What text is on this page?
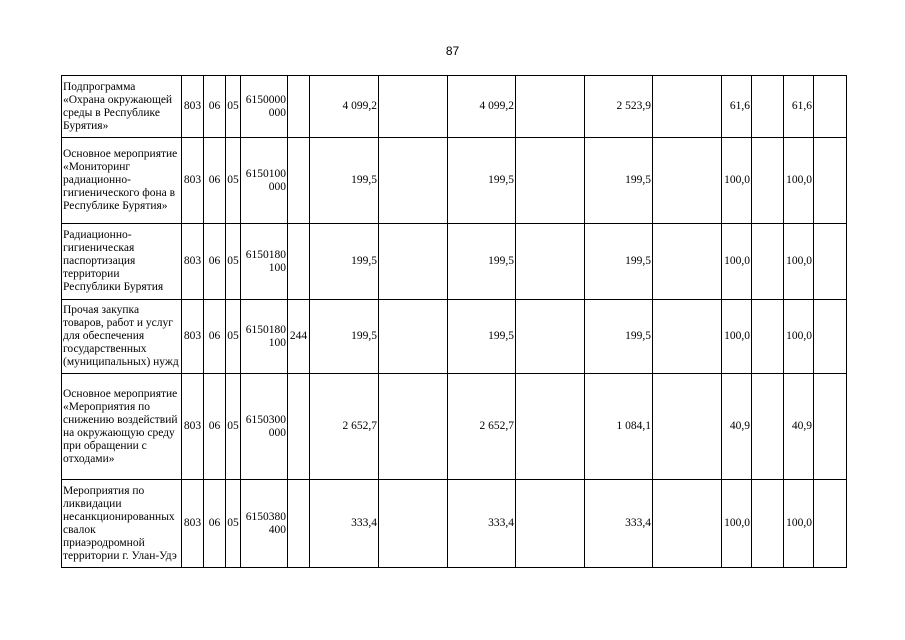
87
Подпрограмма «Охрана окружающей среды в Республике Бурятия»	803	06	05	6150000 000		4 099,2		4 099,2		2 523,9		61,6		61,6	
Основное мероприятие «Мониторинг радиационно-гигиенического фона в Республике Бурятия»	803	06	05	6150100 000		199,5		199,5		199,5		100,0		100,0	
Радиационно-гигиеническая паспортизация территории Республики Бурятия	803	06	05	6150180 100		199,5		199,5		199,5		100,0		100,0	
Прочая закупка товаров, работ и услуг для обеспечения государственных (муниципальных) нужд	803	06	05	6150180 100	244	199,5		199,5		199,5		100,0		100,0	
Основное мероприятие «Мероприятия по снижению воздействий на окружающую среду при обращении с отходами»	803	06	05	6150300 000		2 652,7		2 652,7		1 084,1		40,9		40,9	
Мероприятия по ликвидации несанкционированных свалок приаэродромной территории г. Улан-Удэ	803	06	05	6150380 400		333,4		333,4		333,4		100,0		100,0	
